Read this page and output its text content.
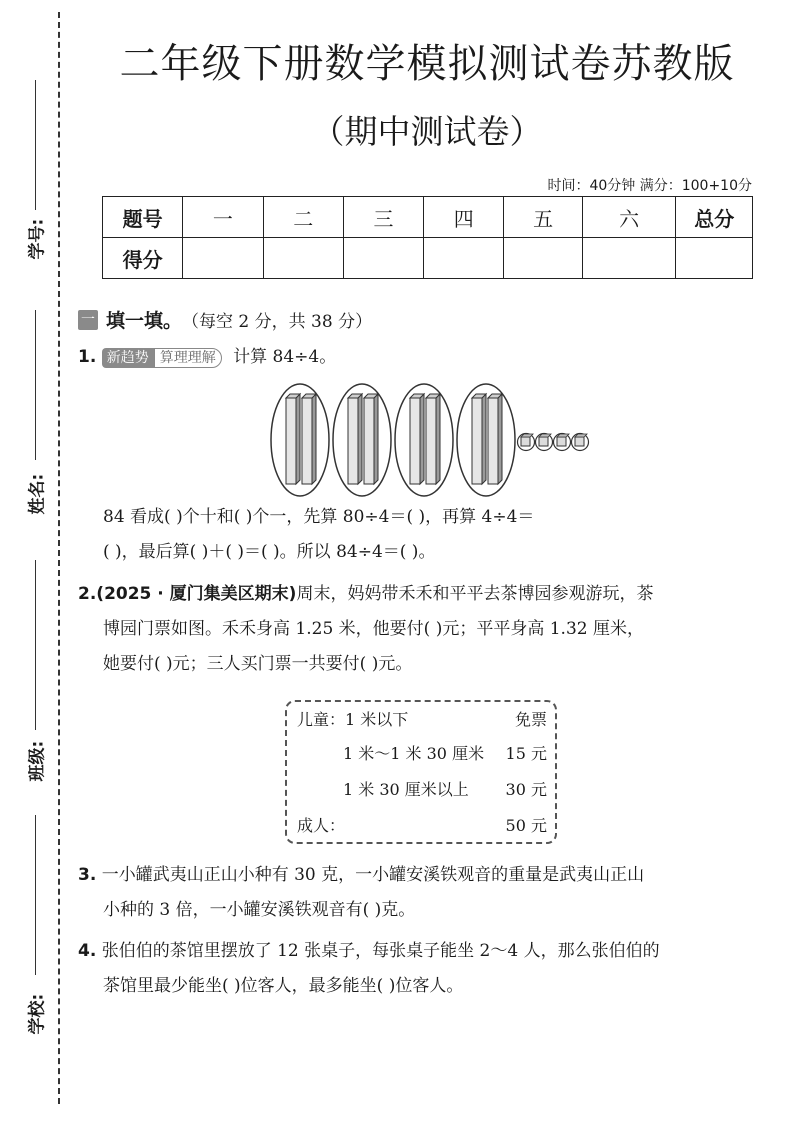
学号:
姓名:
班级:
学校:
二年级下册数学模拟测试卷苏教版
（期中测试卷）
时间：40分钟 满分：100+10分
题号	一	二	三	四	五	六	总分
得分							
一 填一填。 （每空 2 分，共 38 分）
1. 新趋势 算理理解 计算 84÷4。
84 看成( )个十和( )个一，先算 80÷4＝( )，再算 4÷4＝
( )，最后算( )＋( )＝( )。所以 84÷4＝( )。
2.(2025 · 厦门集美区期末)周末，妈妈带禾禾和平平去茶博园参观游玩，茶
博园门票如图。禾禾身高 1.25 米，他要付( )元；平平身高 1.32 厘米，
她要付( )元；三人买门票一共要付( )元。
儿童：1 米以下	免票
1 米～1 米 30 厘米 15 元
1 米 30 厘米以上 30 元
成人：	50 元
3. 一小罐武夷山正山小种有 30 克，一小罐安溪铁观音的重量是武夷山正山
小种的 3 倍，一小罐安溪铁观音有( )克。
4. 张伯伯的茶馆里摆放了 12 张桌子，每张桌子能坐 2～4 人，那么张伯伯的
茶馆里最少能坐( )位客人，最多能坐( )位客人。
